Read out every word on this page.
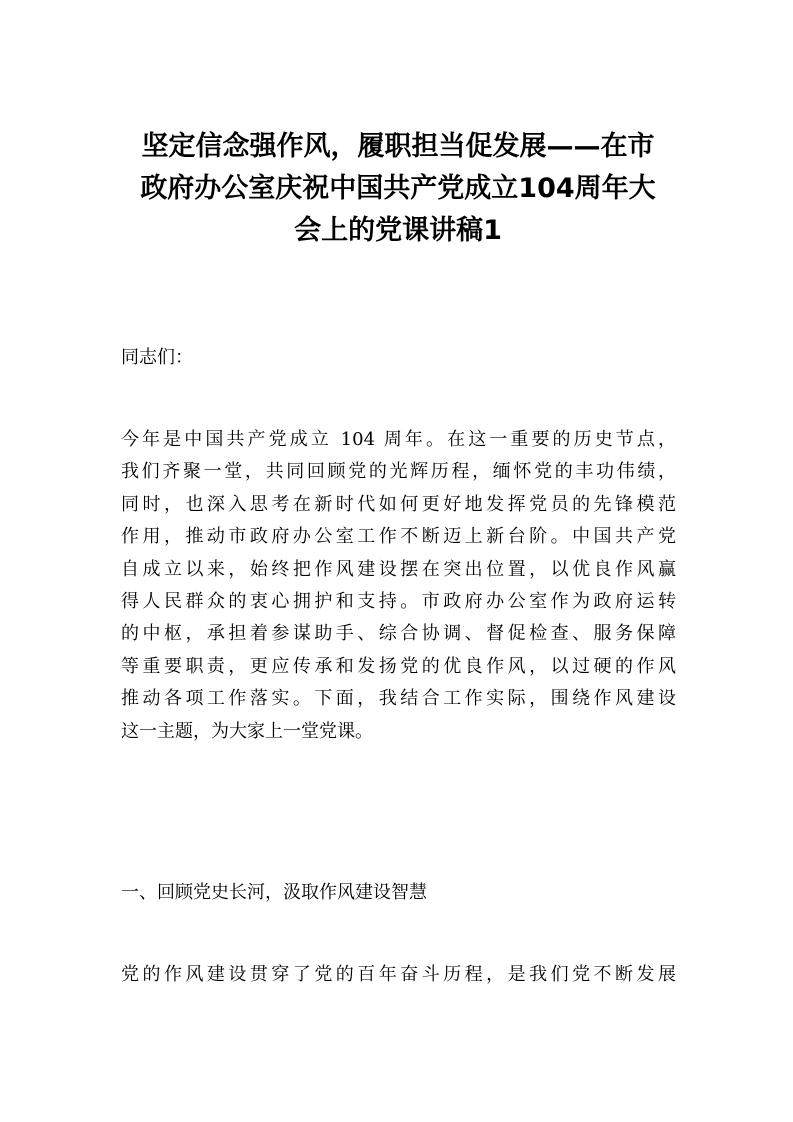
坚定信念强作风，履职担当促发展——在市
政府办公室庆祝中国共产党成立104周年大
会上的党课讲稿1

同志们：

今年是中国共产党成立 104 周年。在这一重要的历史节点，
我们齐聚一堂，共同回顾党的光辉历程，缅怀党的丰功伟绩，
同时，也深入思考在新时代如何更好地发挥党员的先锋模范
作用，推动市政府办公室工作不断迈上新台阶。中国共产党
自成立以来，始终把作风建设摆在突出位置，以优良作风赢
得人民群众的衷心拥护和支持。市政府办公室作为政府运转
的中枢，承担着参谋助手、综合协调、督促检查、服务保障
等重要职责，更应传承和发扬党的优良作风，以过硬的作风
推动各项工作落实。下面，我结合工作实际，围绕作风建设
这一主题，为大家上一堂党课。

一、回顾党史长河，汲取作风建设智慧

党的作风建设贯穿了党的百年奋斗历程，是我们党不断发展
